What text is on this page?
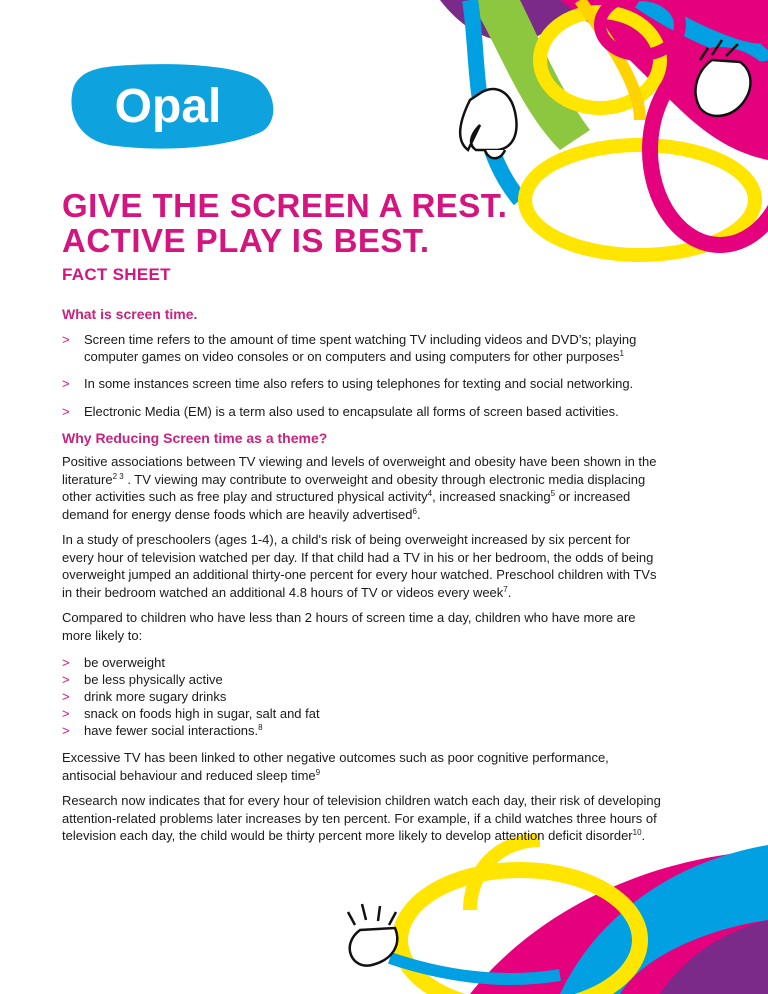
Opal
GIVE THE SCREEN A REST.
ACTIVE PLAY IS BEST.
FACT SHEET
What is screen time.
> Screen time refers to the amount of time spent watching TV including videos and DVD’s; playing computer games on video consoles or on computers and using computers for other purposes$^1$
> In some instances screen time also refers to using telephones for texting and social networking.
> Electronic Media (EM) is a term also used to encapsulate all forms of screen based activities.
Why Reducing Screen time as a theme?

Positive associations between TV viewing and levels of overweight and obesity have been shown in the literature$^{2 3}$ . TV viewing may contribute to overweight and obesity through electronic media displacing other activities such as free play and structured physical activity$^4$, increased snacking$^5$ or increased demand for energy dense foods which are heavily advertised$^6$.

In a study of preschoolers (ages 1-4), a child's risk of being overweight increased by six percent for every hour of television watched per day. If that child had a TV in his or her bedroom, the odds of being overweight jumped an additional thirty-one percent for every hour watched. Preschool children with TVs in their bedroom watched an additional 4.8 hours of TV or videos every week$^7$.

Compared to children who have less than 2 hours of screen time a day, children who have more are more likely to:

> be overweight
> be less physically active
> drink more sugary drinks
> snack on foods high in sugar, salt and fat
> have fewer social interactions.$^8$

Excessive TV has been linked to other negative outcomes such as poor cognitive performance, antisocial behaviour and reduced sleep time$^9$

Research now indicates that for every hour of television children watch each day, their risk of developing attention-related problems later increases by ten percent. For example, if a child watches three hours of television each day, the child would be thirty percent more likely to develop attention deficit disorder$^{10}$.
